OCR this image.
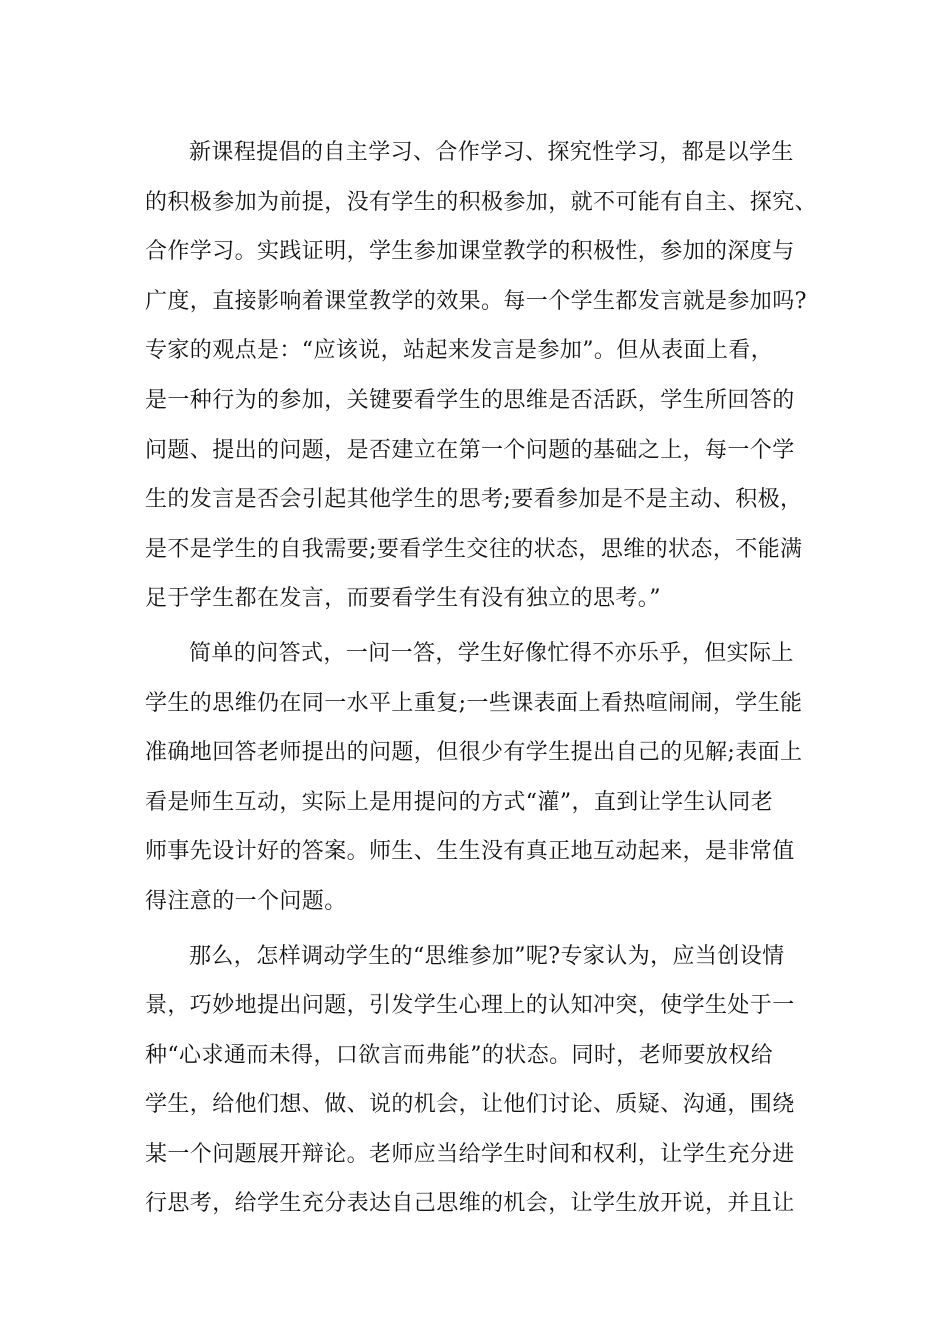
新课程提倡的自主学习、合作学习、探究性学习，都是以学生
的积极参加为前提，没有学生的积极参加，就不可能有自主、探究、
合作学习。实践证明，学生参加课堂教学的积极性，参加的深度与
广度，直接影响着课堂教学的效果。每一个学生都发言就是参加吗?
专家的观点是：“应该说，站起来发言是参加”。但从表面上看，
是一种行为的参加，关键要看学生的思维是否活跃，学生所回答的
问题、提出的问题，是否建立在第一个问题的基础之上，每一个学
生的发言是否会引起其他学生的思考;要看参加是不是主动、积极，
是不是学生的自我需要;要看学生交往的状态，思维的状态，不能满
足于学生都在发言，而要看学生有没有独立的思考。”
简单的问答式，一问一答，学生好像忙得不亦乐乎，但实际上
学生的思维仍在同一水平上重复;一些课表面上看热喧闹闹，学生能
准确地回答老师提出的问题，但很少有学生提出自己的见解;表面上
看是师生互动，实际上是用提问的方式“灌”，直到让学生认同老
师事先设计好的答案。师生、生生没有真正地互动起来，是非常值
得注意的一个问题。
那么，怎样调动学生的“思维参加”呢?专家认为，应当创设情
景，巧妙地提出问题，引发学生心理上的认知冲突，使学生处于一
种“心求通而未得，口欲言而弗能”的状态。同时，老师要放权给
学生，给他们想、做、说的机会，让他们讨论、质疑、沟通，围绕
某一个问题展开辩论。老师应当给学生时间和权利，让学生充分进
行思考，给学生充分表达自己思维的机会，让学生放开说，并且让
